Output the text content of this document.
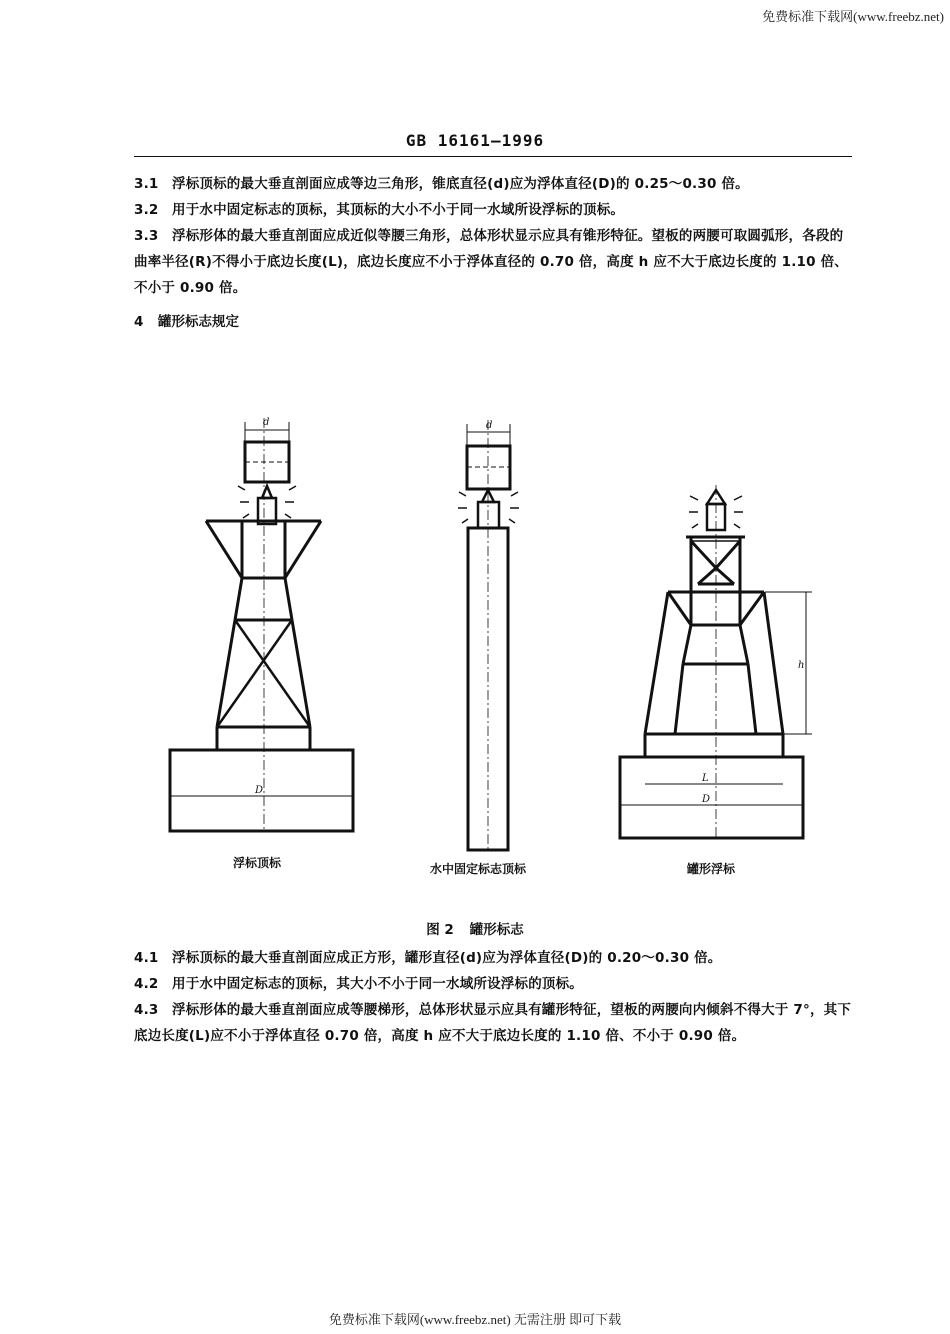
免费标准下载网(www.freebz.net)
GB 16161—1996
3.1 浮标顶标的最大垂直剖面应成等边三角形，锥底直径(d)应为浮体直径(D)的 0.25～0.30 倍。
3.2 用于水中固定标志的顶标，其顶标的大小不小于同一水域所设浮标的顶标。
3.3 浮标形体的最大垂直剖面应成近似等腰三角形，总体形状显示应具有锥形特征。望板的两腰可取圆弧形，各段的曲率半径(R)不得小于底边长度(L)，底边长度应不小于浮体直径的 0.70 倍，高度 h 应不大于底边长度的 1.10 倍、不小于 0.90 倍。
4 罐形标志规定
d
D
d
h
L
D
浮标顶标	水中固定标志顶标	罐形浮标
图 2 罐形标志
4.1 浮标顶标的最大垂直剖面应成正方形，罐形直径(d)应为浮体直径(D)的 0.20～0.30 倍。
4.2 用于水中固定标志的顶标，其大小不小于同一水域所设浮标的顶标。
4.3 浮标形体的最大垂直剖面应成等腰梯形，总体形状显示应具有罐形特征，望板的两腰向内倾斜不得大于 7°，其下底边长度(L)应不小于浮体直径 0.70 倍，高度 h 应不大于底边长度的 1.10 倍、不小于 0.90 倍。
免费标准下载网(www.freebz.net) 无需注册 即可下载
